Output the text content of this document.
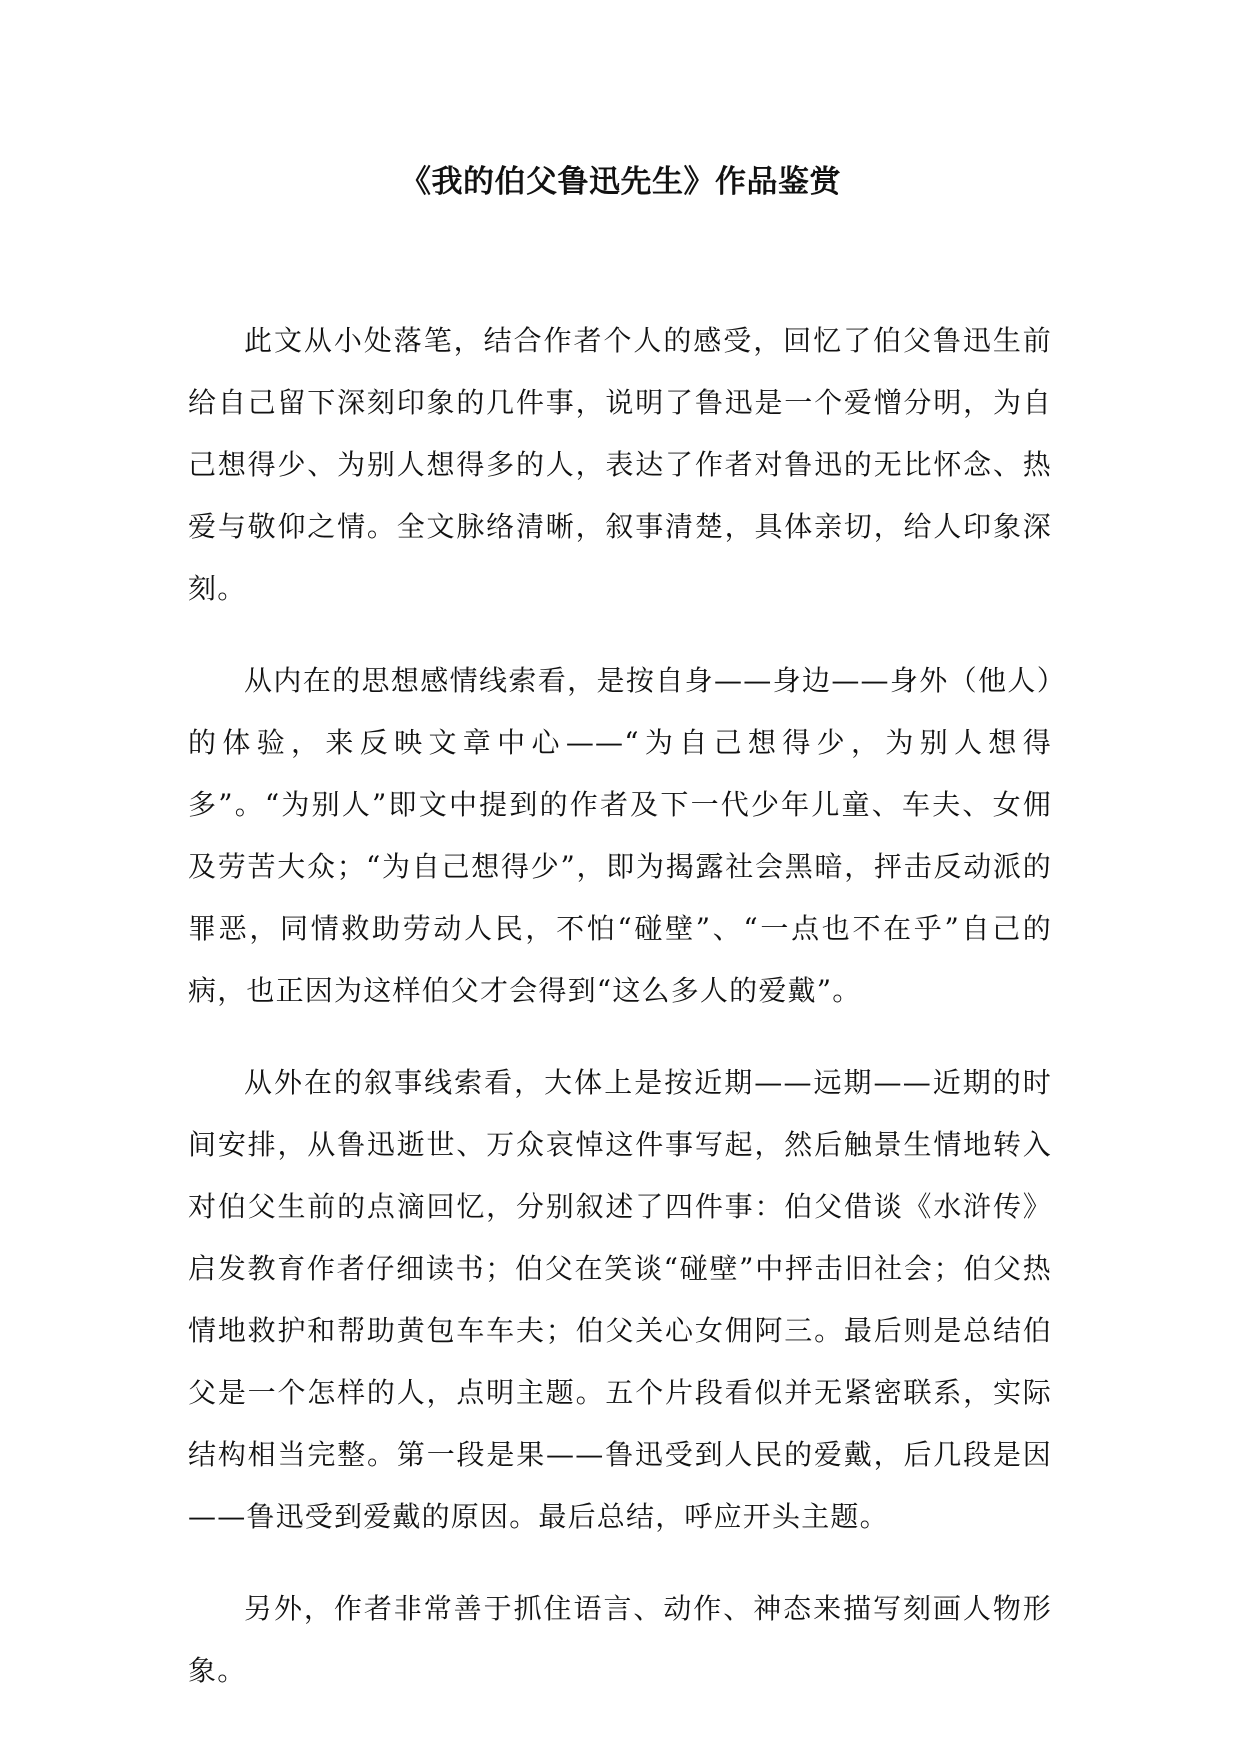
《我的伯父鲁迅先生》作品鉴赏

此文从小处落笔，结合作者个人的感受，回忆了伯父鲁迅生前给自己留下深刻印象的几件事，说明了鲁迅是一个爱憎分明，为自己想得少、为别人想得多的人，表达了作者对鲁迅的无比怀念、热爱与敬仰之情。全文脉络清晰，叙事清楚，具体亲切，给人印象深刻。

从内在的思想感情线索看，是按自身——身边——身外（他人）的体验，来反映文章中心——“为自己想得少，为别人想得多”。“为别人”即文中提到的作者及下一代少年儿童、车夫、女佣及劳苦大众；“为自己想得少”，即为揭露社会黑暗，抨击反动派的罪恶，同情救助劳动人民，不怕“碰壁”、“一点也不在乎”自己的病，也正因为这样伯父才会得到“这么多人的爱戴”。

从外在的叙事线索看，大体上是按近期——远期——近期的时间安排，从鲁迅逝世、万众哀悼这件事写起，然后触景生情地转入对伯父生前的点滴回忆，分别叙述了四件事：伯父借谈《水浒传》启发教育作者仔细读书；伯父在笑谈“碰壁”中抨击旧社会；伯父热情地救护和帮助黄包车车夫；伯父关心女佣阿三。最后则是总结伯父是一个怎样的人，点明主题。五个片段看似并无紧密联系，实际结构相当完整。第一段是果——鲁迅受到人民的爱戴，后几段是因——鲁迅受到爱戴的原因。最后总结，呼应开头主题。

另外，作者非常善于抓住语言、动作、神态来描写刻画人物形象。
